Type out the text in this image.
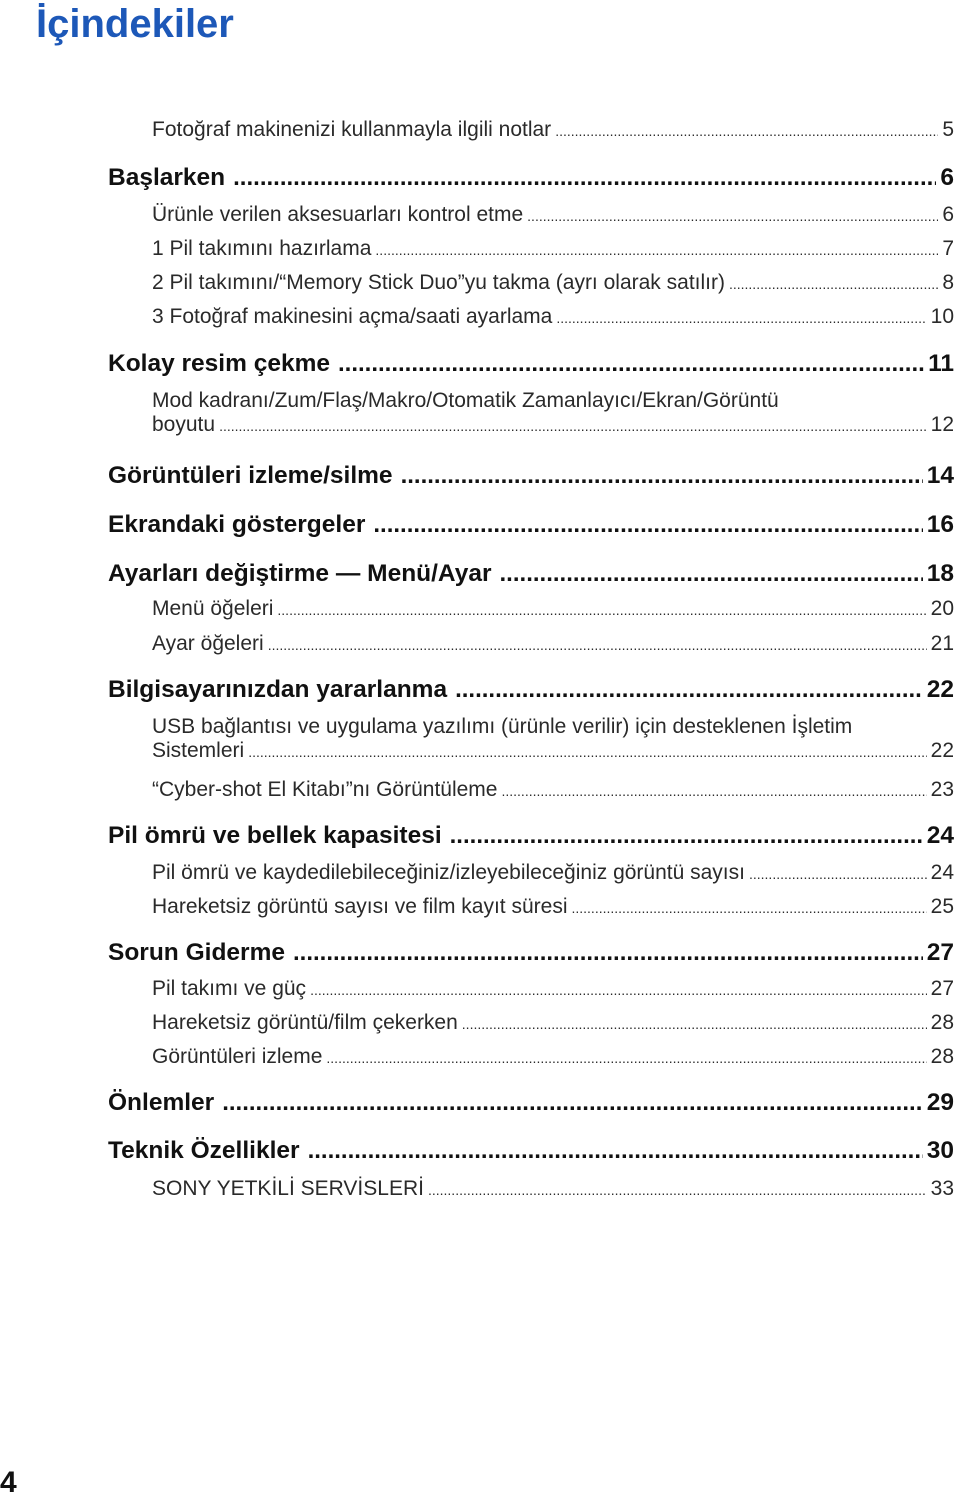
İçindekiler
Fotoğraf makinenizi kullanmayla ilgili notlar .....	5
Başlarken .....	6
Ürünle verilen aksesuarları kontrol etme .....	6
1 Pil takımını hazırlama .....	7
2 Pil takımını/“Memory Stick Duo”yu takma (ayrı olarak satılır) .....	8
3 Fotoğraf makinesini açma/saati ayarlama .....	10
Kolay resim çekme .....	11
Mod kadranı/Zum/Flaş/Makro/Otomatik Zamanlayıcı/Ekran/Görüntü
boyutu .....	12
Görüntüleri izleme/silme .....	14
Ekrandaki göstergeler .....	16
Ayarları değiştirme — Menü/Ayar .....	18
Menü öğeleri .....	20
Ayar öğeleri .....	21
Bilgisayarınızdan yararlanma .....	22
USB bağlantısı ve uygulama yazılımı (ürünle verilir) için desteklenen İşletim
Sistemleri .....	22
“Cyber-shot El Kitabı”nı Görüntüleme .....	23
Pil ömrü ve bellek kapasitesi .....	24
Pil ömrü ve kaydedilebileceğiniz/izleyebileceğiniz görüntü sayısı .....	24
Hareketsiz görüntü sayısı ve film kayıt süresi .....	25
Sorun Giderme .....	27
Pil takımı ve güç .....	27
Hareketsiz görüntü/film çekerken .....	28
Görüntüleri izleme .....	28
Önlemler .....	29
Teknik Özellikler .....	30
SONY YETKİLİ SERVİSLERİ .....	33
4
